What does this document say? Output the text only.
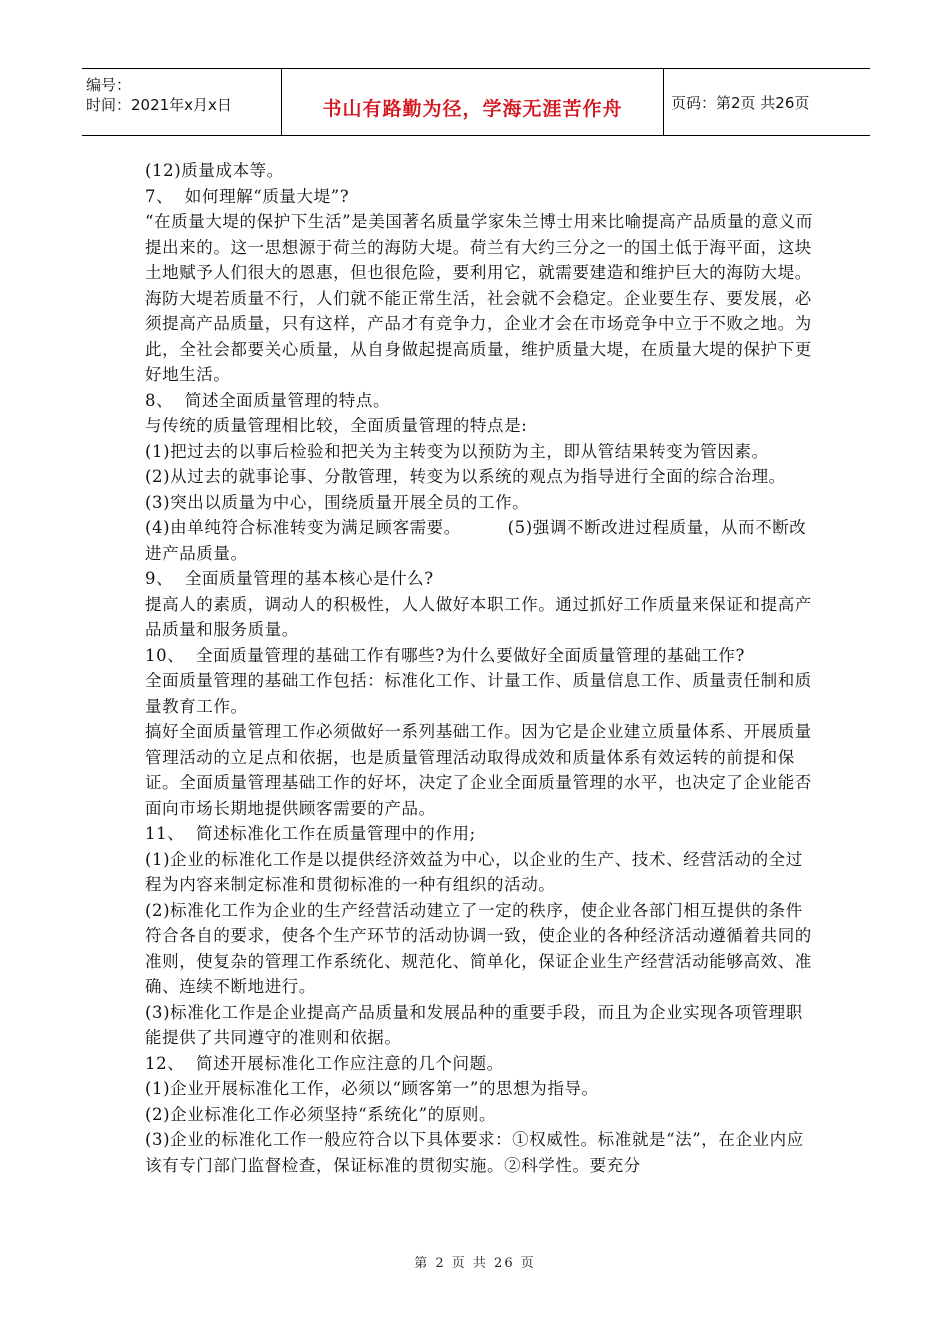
编号：
时间：2021年x月x日	书山有路勤为径，学海无涯苦作舟	页码：第2页 共26页

(12)质量成本等。

7、  如何理解“质量大堤”?

“在质量大堤的保护下生活”是美国著名质量学家朱兰博士用来比喻提高产品质量的意义而提出来的。这一思想源于荷兰的海防大堤。荷兰有大约三分之一的国土低于海平面，这块土地赋予人们很大的恩惠，但也很危险，要利用它，就需要建造和维护巨大的海防大堤。海防大堤若质量不行，人们就不能正常生活，社会就不会稳定。企业要生存、要发展，必须提高产品质量，只有这样，产品才有竞争力，企业才会在市场竞争中立于不败之地。为此，全社会都要关心质量，从自身做起提高质量，维护质量大堤，在质量大堤的保护下更好地生活。

8、  简述全面质量管理的特点。

与传统的质量管理相比较，全面质量管理的特点是:

(1)把过去的以事后检验和把关为主转变为以预防为主，即从管结果转变为管因素。

(2)从过去的就事论事、分散管理，转变为以系统的观点为指导进行全面的综合治理。

(3)突出以质量为中心，围绕质量开展全员的工作。

(4)由单纯符合标准转变为满足顾客需要。        (5)强调不断改进过程质量，从而不断改进产品质量。

9、  全面质量管理的基本核心是什么?

提高人的素质，调动人的积极性，人人做好本职工作。通过抓好工作质量来保证和提高产品质量和服务质量。

10、  全面质量管理的基础工作有哪些?为什么要做好全面质量管理的基础工作?

全面质量管理的基础工作包括：标准化工作、计量工作、质量信息工作、质量责任制和质量教育工作。

搞好全面质量管理工作必须做好一系列基础工作。因为它是企业建立质量体系、开展质量管理活动的立足点和依据，也是质量管理活动取得成效和质量体系有效运转的前提和保证。全面质量管理基础工作的好坏，决定了企业全面质量管理的水平，也决定了企业能否面向市场长期地提供顾客需要的产品。

11、  简述标准化工作在质量管理中的作用;

(1)企业的标准化工作是以提供经济效益为中心，以企业的生产、技术、经营活动的全过程为内容来制定标准和贯彻标准的一种有组织的活动。

(2)标准化工作为企业的生产经营活动建立了一定的秩序，使企业各部门相互提供的条件符合各自的要求，使各个生产环节的活动协调一致，使企业的各种经济活动遵循着共同的准则，使复杂的管理工作系统化、规范化、简单化，保证企业生产经营活动能够高效、准确、连续不断地进行。

(3)标准化工作是企业提高产品质量和发展品种的重要手段，而且为企业实现各项管理职能提供了共同遵守的准则和依据。

12、  简述开展标准化工作应注意的几个问题。

(1)企业开展标准化工作，必须以“顾客第一”的思想为指导。

(2)企业标准化工作必须坚持“系统化”的原则。

(3)企业的标准化工作一般应符合以下具体要求：①权威性。标准就是“法”，在企业内应该有专门部门监督检查，保证标准的贯彻实施。②科学性。要充分

第 2 页 共 26 页
